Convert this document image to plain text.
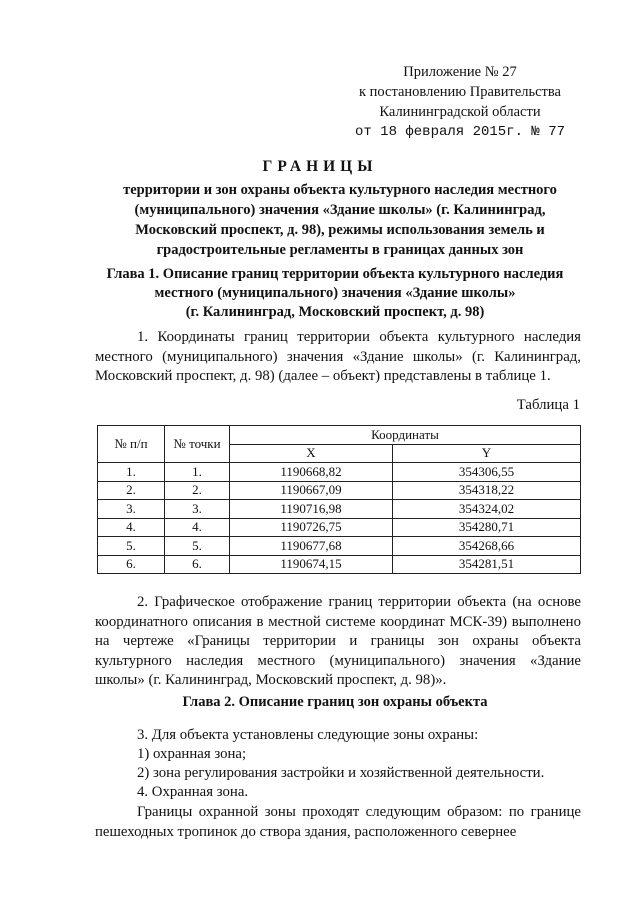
Приложение № 27
к постановлению Правительства
Калининградской области
от 18 февраля 2015г. № 77
ГРАНИЦЫ
территории и зон охраны объекта культурного наследия местного (муниципального) значения «Здание школы» (г. Калининград, Московский проспект, д. 98), режимы использования земель и градостроительные регламенты в границах данных зон
Глава 1. Описание границ территории объекта культурного наследия
местного (муниципального) значения «Здание школы»
(г. Калининград, Московский проспект, д. 98)
1. Координаты границ территории объекта культурного наследия местного (муниципального) значения «Здание школы» (г. Калининград, Московский проспект, д. 98) (далее – объект) представлены в таблице 1.
Таблица 1
№ п/п	№ точки	Координаты	
		X	Y
1.	1.	1190668,82	354306,55
2.	2.	1190667,09	354318,22
3.	3.	1190716,98	354324,02
4.	4.	1190726,75	354280,71
5.	5.	1190677,68	354268,66
6.	6.	1190674,15	354281,51
2. Графическое отображение границ территории объекта (на основе координатного описания в местной системе координат МСК-39) выполнено на чертеже «Границы территории и границы зон охраны объекта культурного наследия местного (муниципального) значения «Здание школы» (г. Калининград, Московский проспект, д. 98)».
Глава 2. Описание границ зон охраны объекта
3. Для объекта установлены следующие зоны охраны:
1) охранная зона;
2) зона регулирования застройки и хозяйственной деятельности.
4. Охранная зона.
Границы охранной зоны проходят следующим образом: по границе пешеходных тропинок до створа здания, расположенного севернее
